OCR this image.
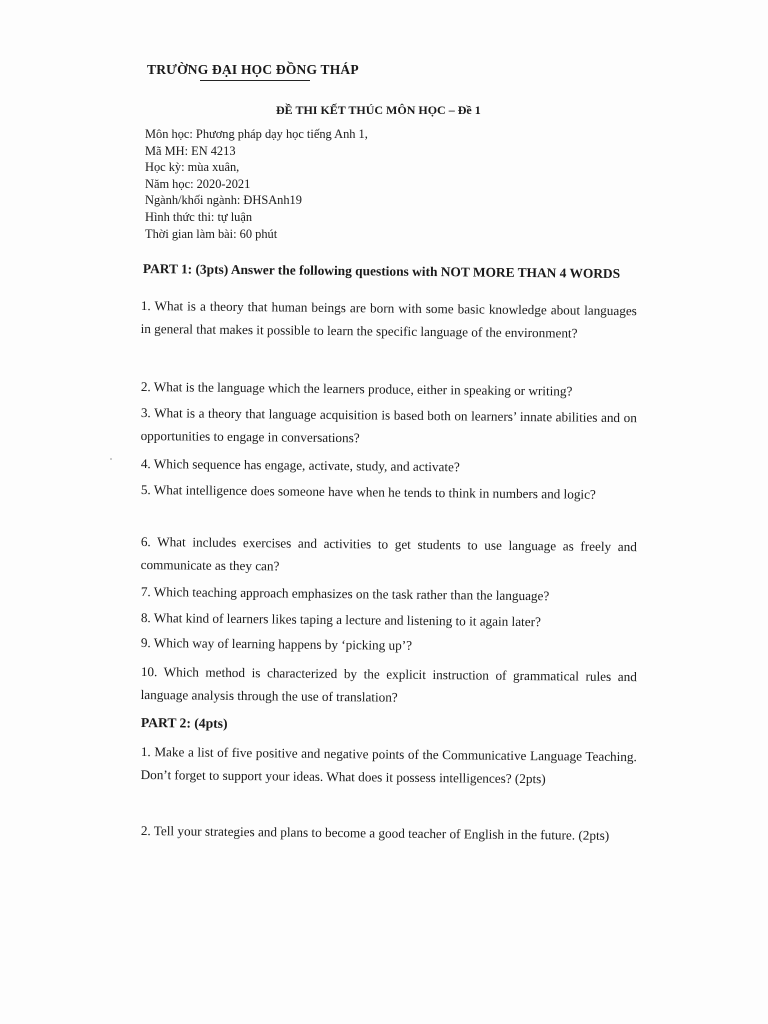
TRƯỜNG ĐẠI HỌC ĐỒNG THÁP
ĐỀ THI KẾT THÚC MÔN HỌC – Đề 1
Môn học: Phương pháp dạy học tiếng Anh 1,
Mã MH: EN 4213
Học kỳ: mùa xuân,
Năm học: 2020-2021
Ngành/khối ngành: ĐHSAnh19
Hình thức thi: tự luận
Thời gian làm bài: 60 phút
PART 1: (3pts) Answer the following questions with NOT MORE THAN 4 WORDS
1. What is a theory that human beings are born with some basic knowledge about languages in general that makes it possible to learn the specific language of the environment?
2. What is the language which the learners produce, either in speaking or writing?
3. What is a theory that language acquisition is based both on learners’ innate abilities and on opportunities to engage in conversations?
4. Which sequence has engage, activate, study, and activate?
5. What intelligence does someone have when he tends to think in numbers and logic?
6. What includes exercises and activities to get students to use language as freely and communicate as they can?
7. Which teaching approach emphasizes on the task rather than the language?
8. What kind of learners likes taping a lecture and listening to it again later?
9. Which way of learning happens by ‘picking up’?
10. Which method is characterized by the explicit instruction of grammatical rules and language analysis through the use of translation?
PART 2: (4pts)
1. Make a list of five positive and negative points of the Communicative Language Teaching. Don’t forget to support your ideas. What does it possess intelligences? (2pts)
2. Tell your strategies and plans to become a good teacher of English in the future. (2pts)
